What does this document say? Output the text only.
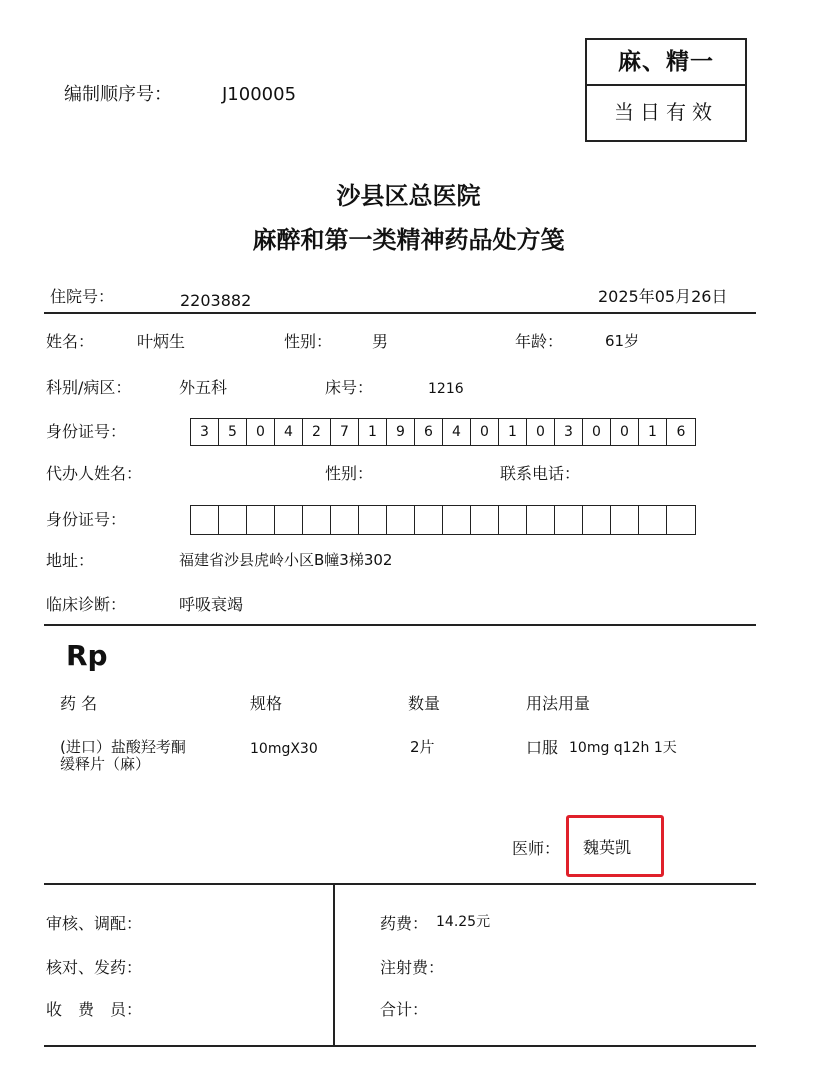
编制顺序号：	J100005
麻、精一
当日有效
沙县区总医院
麻醉和第一类精神药品处方笺
住院号：	2203882	2025年05月26日
姓名：	叶炳生	性别： 男	年龄：	61岁
科别/病区：	外五科	床号：	1216
身份证号：	3	5	0	4	2	7	1	9	6	4	0	1	0	3	0	0	1	6
代办人姓名：	性别：	联系电话：
身份证号：
地址：	福建省沙县虎岭小区B幢3梯302
临床诊断：	呼吸衰竭
Rp
药 名	规格	数量	用法用量
(进口）盐酸羟考酮
缓释片（麻）
10mgX30	2片	口服 10mg q12h 1天
医师： 魏英凯
审核、调配：
核对、发药：
收　费　员：
药费： 14.25元
注射费：
合计：
